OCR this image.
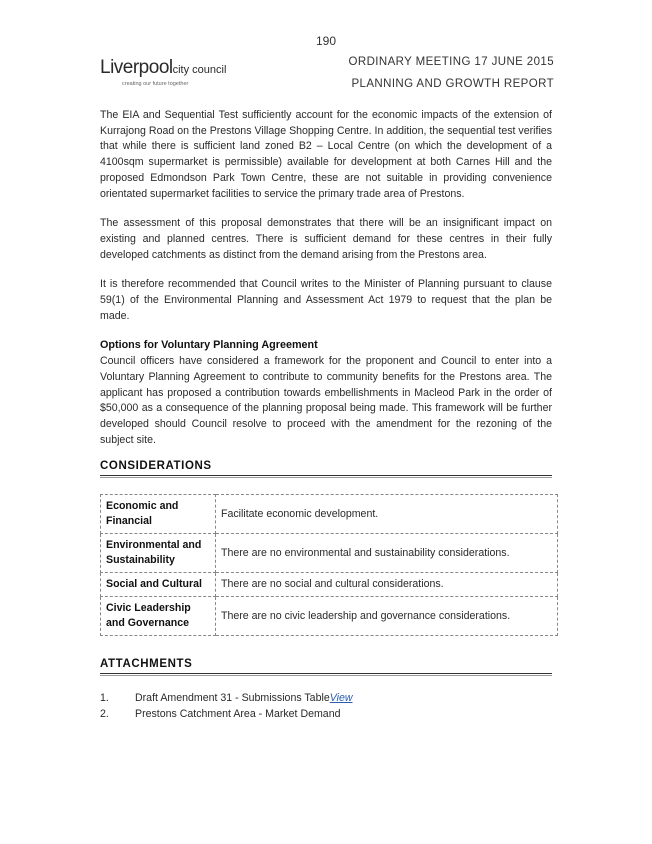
190
Liverpoolcity council
creating our future together
ORDINARY MEETING 17 JUNE 2015
PLANNING AND GROWTH REPORT

The EIA and Sequential Test sufficiently account for the economic impacts of the extension of Kurrajong Road on the Prestons Village Shopping Centre. In addition, the sequential test verifies that while there is sufficient land zoned B2 – Local Centre (on which the development of a 4100sqm supermarket is permissible) available for development at both Carnes Hill and the proposed Edmondson Park Town Centre, these are not suitable in providing convenience orientated supermarket facilities to service the primary trade area of Prestons.

The assessment of this proposal demonstrates that there will be an insignificant impact on existing and planned centres. There is sufficient demand for these centres in their fully developed catchments as distinct from the demand arising from the Prestons area.

It is therefore recommended that Council writes to the Minister of Planning pursuant to clause 59(1) of the Environmental Planning and Assessment Act 1979 to request that the plan be made.

Options for Voluntary Planning Agreement

Council officers have considered a framework for the proponent and Council to enter into a Voluntary Planning Agreement to contribute to community benefits for the Prestons area. The applicant has proposed a contribution towards embellishments in Macleod Park in the order of $50,000 as a consequence of the planning proposal being made. This framework will be further developed should Council resolve to proceed with the amendment for the rezoning of the subject site.

CONSIDERATIONS
Economic and Financial	Facilitate economic development.
Environmental and Sustainability	There are no environmental and sustainability considerations.
Social and Cultural	There are no social and cultural considerations.
Civic Leadership and Governance	There are no civic leadership and governance considerations.
ATTACHMENTS
1.	Draft Amendment 31 - Submissions TableView
2.	Prestons Catchment Area - Market Demand
